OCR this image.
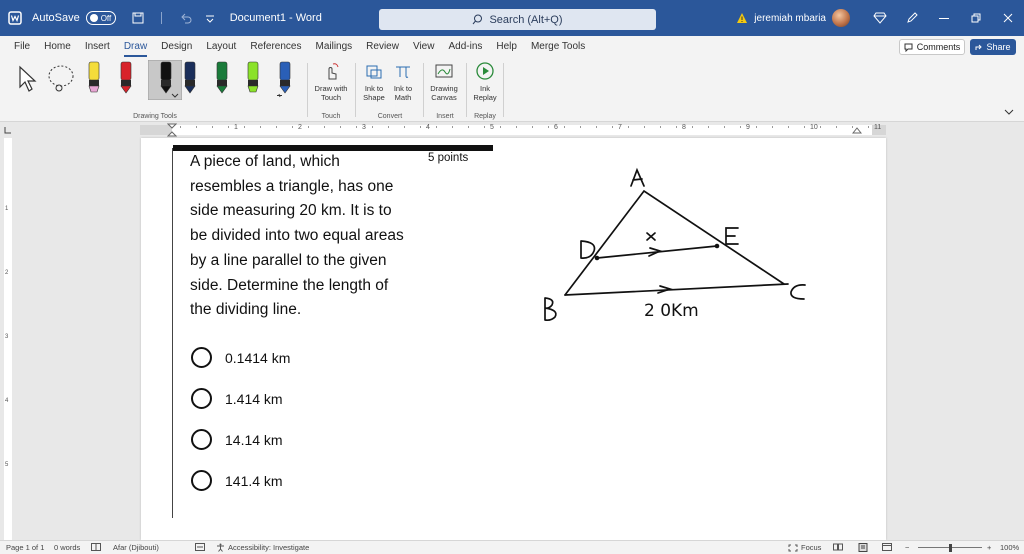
AutoSave	Off	Document1 - Word	Search (Alt+Q)	jeremiah mbaria
File	Home	Insert	Draw	Design	Layout	References	Mailings	Review	View	Add-ins	Help	Merge Tools	Comments	Share
Drawing Tools
Draw with Touch
Touch
Ink to Shape
Ink to Math
Convert
Drawing Canvas
Insert
Ink Replay
Replay
1	2	3	4	5	6	7	8	9	10	11
1
2
3
4
5
2 0Km
A piece of land, which
resembles a triangle, has one
side measuring 20 km. It is to
be divided into two equal areas
by a line parallel to the given
side. Determine the length of
the dividing line.
5 points
0.1414 km
1.414 km
14.14 km
141.4 km
Page 1 of 1 0 words	Afar (Djibouti)	Accessibility: Investigate	Focus	−	+ 100%
